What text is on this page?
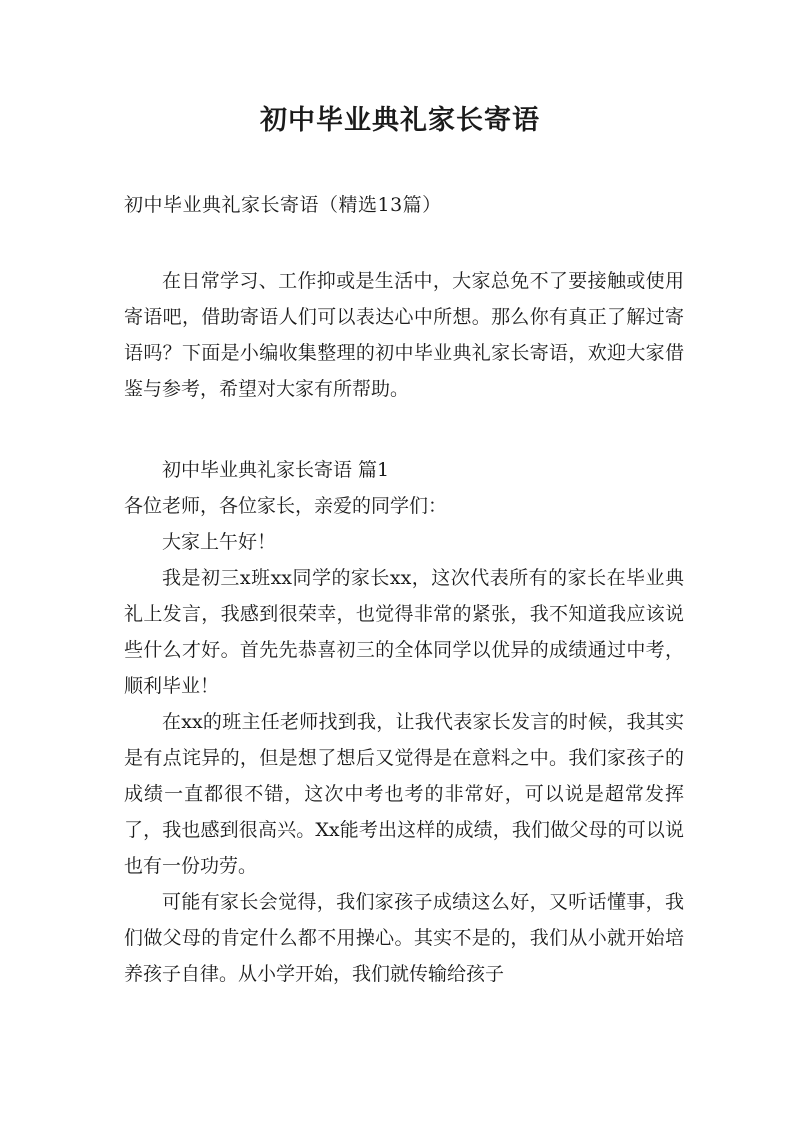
初中毕业典礼家长寄语

初中毕业典礼家长寄语（精选13篇）

在日常学习、工作抑或是生活中，大家总免不了要接触或使用寄语吧，借助寄语人们可以表达心中所想。那么你有真正了解过寄语吗？下面是小编收集整理的初中毕业典礼家长寄语，欢迎大家借鉴与参考，希望对大家有所帮助。

初中毕业典礼家长寄语 篇1

各位老师，各位家长，亲爱的同学们：

大家上午好！

我是初三x班xx同学的家长xx，这次代表所有的家长在毕业典礼上发言，我感到很荣幸，也觉得非常的紧张，我不知道我应该说些什么才好。首先先恭喜初三的全体同学以优异的成绩通过中考，顺利毕业！

在xx的班主任老师找到我，让我代表家长发言的时候，我其实是有点诧异的，但是想了想后又觉得是在意料之中。我们家孩子的成绩一直都很不错，这次中考也考的非常好，可以说是超常发挥了，我也感到很高兴。Xx能考出这样的成绩，我们做父母的可以说也有一份功劳。

可能有家长会觉得，我们家孩子成绩这么好，又听话懂事，我们做父母的肯定什么都不用操心。其实不是的，我们从小就开始培养孩子自律。从小学开始，我们就传输给孩子
